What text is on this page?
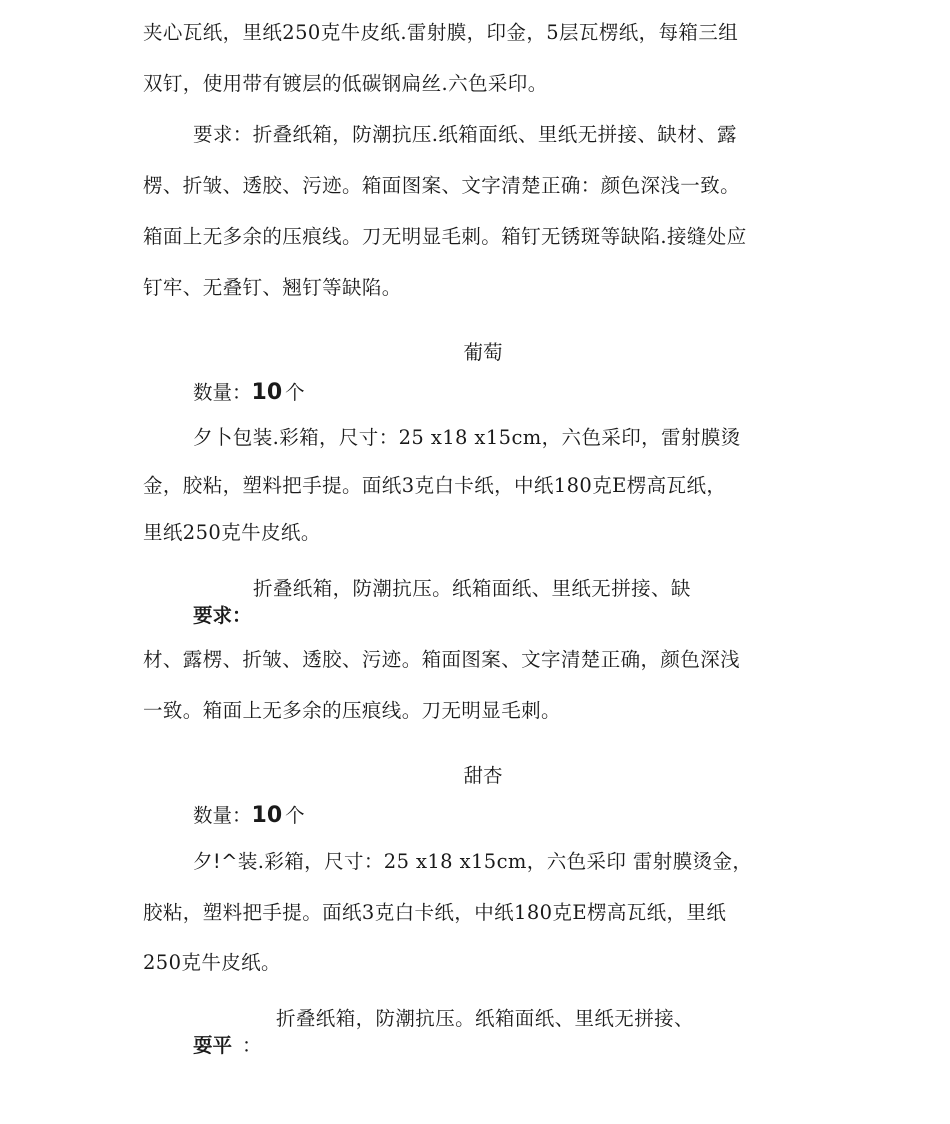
夹心瓦纸，里纸250克牛皮纸.雷射膜，印金，5层瓦楞纸，每箱三组
双钉，使用带有镀层的低碳钢扁丝.六色采印。
要求：折叠纸箱，防潮抗压.纸箱面纸、里纸无拼接、缺材、露
楞、折皱、透胶、污迹。箱面图案、文字清楚正确：颜色深浅一致。
箱面上无多余的压痕线。刀无明显毛刺。箱钉无锈斑等缺陷.接缝处应
钉牢、无叠钉、翘钉等缺陷。
葡萄
数量：10 个
夕卜包装.彩箱，尺寸：25 x18 x15cm，六色采印，雷射膜烫
金，胶粘，塑料把手提。面纸3克白卡纸，中纸180克E楞高瓦纸，
里纸250克牛皮纸。
折叠纸箱，防潮抗压。纸箱面纸、里纸无拼接、缺
要求：
材、露楞、折皱、透胶、污迹。箱面图案、文字清楚正确，颜色深浅
一致。箱面上无多余的压痕线。刀无明显毛刺。
甜杏
数量：10 个
夕!^装.彩箱，尺寸：25 x18 x15cm，六色采印 雷射膜烫金，
胶粘，塑料把手提。面纸3克白卡纸，中纸180克E楞高瓦纸，里纸
250克牛皮纸。
折叠纸箱，防潮抗压。纸箱面纸、里纸无拼接、
耍平 ：
